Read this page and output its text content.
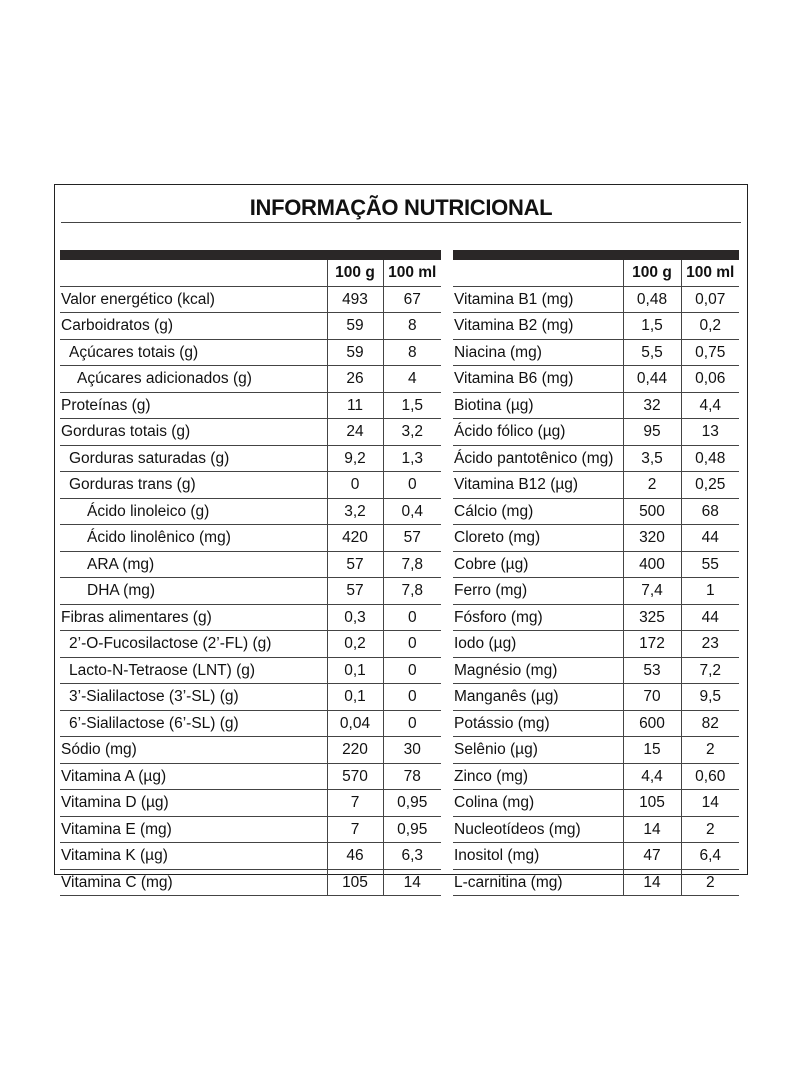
INFORMAÇÃO NUTRICIONAL

	100 g	100 ml
Valor energético (kcal)	493	67
Carboidratos (g)	59	8
Açúcares totais (g)	59	8
Açúcares adicionados (g)	26	4
Proteínas (g)	11	1,5
Gorduras totais (g)	24	3,2
Gorduras saturadas (g)	9,2	1,3
Gorduras trans (g)	0	0
Ácido linoleico (g)	3,2	0,4
Ácido linolênico (mg)	420	57
ARA (mg)	57	7,8
DHA (mg)	57	7,8
Fibras alimentares (g)	0,3	0
2’-O-Fucosilactose (2’-FL) (g)	0,2	0
Lacto-N-Tetraose (LNT) (g)	0,1	0
3’-Sialilactose (3’-SL) (g)	0,1	0
6’-Sialilactose (6’-SL) (g)	0,04	0
Sódio (mg)	220	30
Vitamina A (µg)	570	78
Vitamina D (µg)	7	0,95
Vitamina E (mg)	7	0,95
Vitamina K (µg)	46	6,3
Vitamina C (mg)	105	14

	100 g	100 ml
Vitamina B1 (mg)	0,48	0,07
Vitamina B2 (mg)	1,5	0,2
Niacina (mg)	5,5	0,75
Vitamina B6 (mg)	0,44	0,06
Biotina (µg)	32	4,4
Ácido fólico (µg)	95	13
Ácido pantotênico (mg)	3,5	0,48
Vitamina B12 (µg)	2	0,25
Cálcio (mg)	500	68
Cloreto (mg)	320	44
Cobre (µg)	400	55
Ferro (mg)	7,4	1
Fósforo (mg)	325	44
Iodo (µg)	172	23
Magnésio (mg)	53	7,2
Manganês (µg)	70	9,5
Potássio (mg)	600	82
Selênio (µg)	15	2
Zinco (mg)	4,4	0,60
Colina (mg)	105	14
Nucleotídeos (mg)	14	2
Inositol (mg)	47	6,4
L-carnitina (mg)	14	2
